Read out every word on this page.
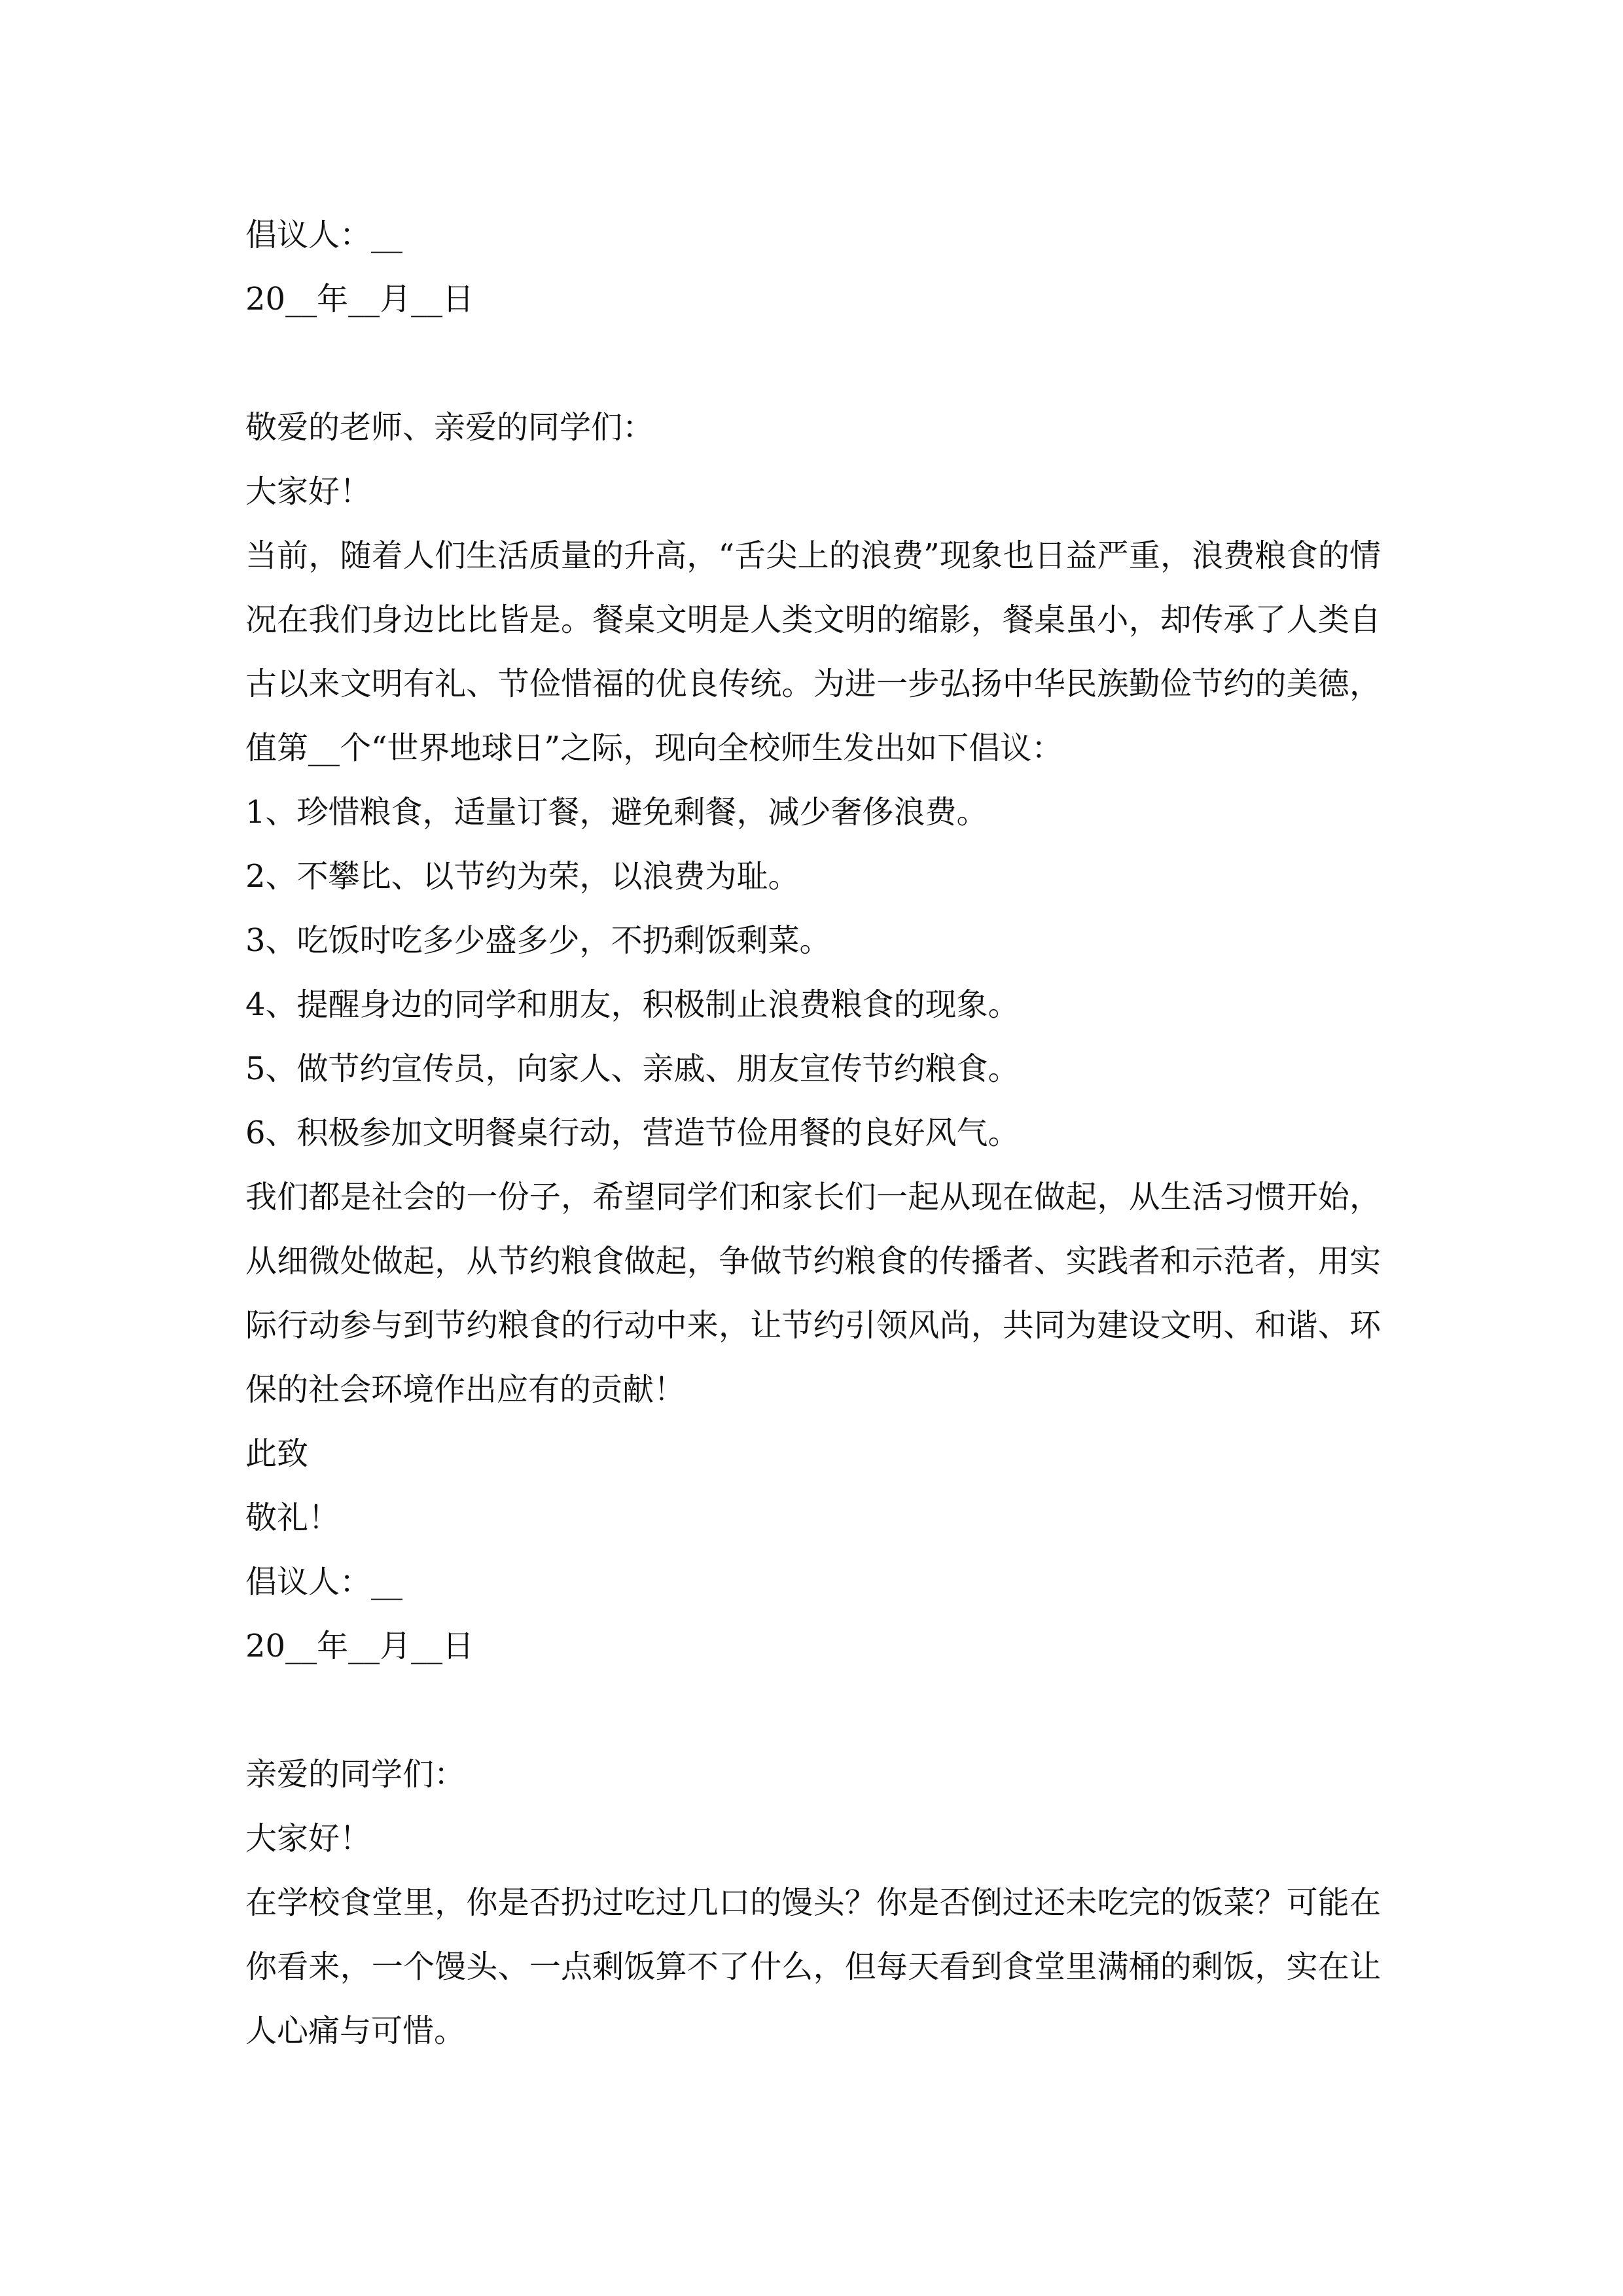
倡议人：__

20__年__月__日

敬爱的老师、亲爱的同学们：

大家好！

当前，随着人们生活质量的升高，“舌尖上的浪费”现象也日益严重，浪费粮食的情况在我们身边比比皆是。餐桌文明是人类文明的缩影，餐桌虽小，却传承了人类自古以来文明有礼、节俭惜福的优良传统。为进一步弘扬中华民族勤俭节约的美德，值第__个“世界地球日”之际，现向全校师生发出如下倡议：

1、珍惜粮食，适量订餐，避免剩餐，减少奢侈浪费。

2、不攀比、以节约为荣，以浪费为耻。

3、吃饭时吃多少盛多少，不扔剩饭剩菜。

4、提醒身边的同学和朋友，积极制止浪费粮食的现象。

5、做节约宣传员，向家人、亲戚、朋友宣传节约粮食。

6、积极参加文明餐桌行动，营造节俭用餐的良好风气。

我们都是社会的一份子，希望同学们和家长们一起从现在做起，从生活习惯开始，从细微处做起，从节约粮食做起，争做节约粮食的传播者、实践者和示范者，用实际行动参与到节约粮食的行动中来，让节约引领风尚，共同为建设文明、和谐、环保的社会环境作出应有的贡献！

此致

敬礼！

倡议人：__

20__年__月__日

亲爱的同学们：

大家好！

在学校食堂里，你是否扔过吃过几口的馒头？你是否倒过还未吃完的饭菜？可能在你看来，一个馒头、一点剩饭算不了什么，但每天看到食堂里满桶的剩饭，实在让人心痛与可惜。
